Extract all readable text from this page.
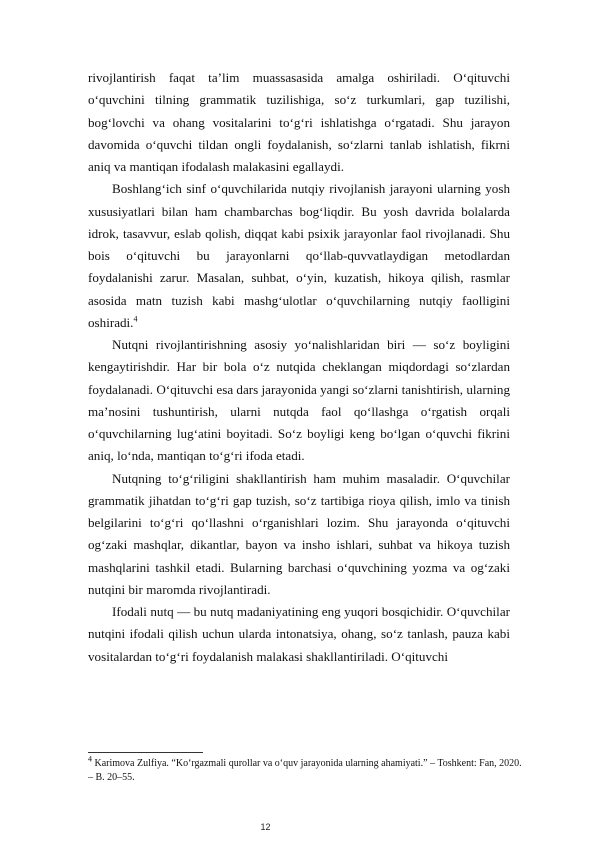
rivojlantirish faqat ta’lim muassasasida amalga oshiriladi. O‘qituvchi o‘quvchini tilning grammatik tuzilishiga, so‘z turkumlari, gap tuzilishi, bog‘lovchi va ohang vositalarini to‘g‘ri ishlatishga o‘rgatadi. Shu jarayon davomida o‘quvchi tildan ongli foydalanish, so‘zlarni tanlab ishlatish, fikrni aniq va mantiqan ifodalash malakasini egallaydi.

Boshlang‘ich sinf o‘quvchilarida nutqiy rivojlanish jarayoni ularning yosh xususiyatlari bilan ham chambarchas bog‘liqdir. Bu yosh davrida bolalarda idrok, tasavvur, eslab qolish, diqqat kabi psixik jarayonlar faol rivojlanadi. Shu bois o‘qituvchi bu jarayonlarni qo‘llab-quvvatlaydigan metodlardan foydalanishi zarur. Masalan, suhbat, o‘yin, kuzatish, hikoya qilish, rasmlar asosida matn tuzish kabi mashg‘ulotlar o‘quvchilarning nutqiy faolligini oshiradi.$^4$

Nutqni rivojlantirishning asosiy yo‘nalishlaridan biri — so‘z boyligini kengaytirishdir. Har bir bola o‘z nutqida cheklangan miqdordagi so‘zlardan foydalanadi. O‘qituvchi esa dars jarayonida yangi so‘zlarni tanishtirish, ularning ma’nosini tushuntirish, ularni nutqda faol qo‘llashga o‘rgatish orqali o‘quvchilarning lug‘atini boyitadi. So‘z boyligi keng bo‘lgan o‘quvchi fikrini aniq, lo‘nda, mantiqan to‘g‘ri ifoda etadi.

Nutqning to‘g‘riligini shakllantirish ham muhim masaladir. O‘quvchilar grammatik jihatdan to‘g‘ri gap tuzish, so‘z tartibiga rioya qilish, imlo va tinish belgilarini to‘g‘ri qo‘llashni o‘rganishlari lozim. Shu jarayonda o‘qituvchi og‘zaki mashqlar, dikantlar, bayon va insho ishlari, suhbat va hikoya tuzish mashqlarini tashkil etadi. Bularning barchasi o‘quvchining yozma va og‘zaki nutqini bir maromda rivojlantiradi.

Ifodali nutq — bu nutq madaniyatining eng yuqori bosqichidir. O‘quvchilar nutqini ifodali qilish uchun ularda intonatsiya, ohang, so‘z tanlash, pauza kabi vositalardan to‘g‘ri foydalanish malakasi shakllantiriladi. O‘qituvchi

$^4$ Karimova Zulfiya. “Ko‘rgazmali qurollar va o‘quv jarayonida ularning ahamiyati.” – Toshkent: Fan, 2020. – B. 20–55.

12
